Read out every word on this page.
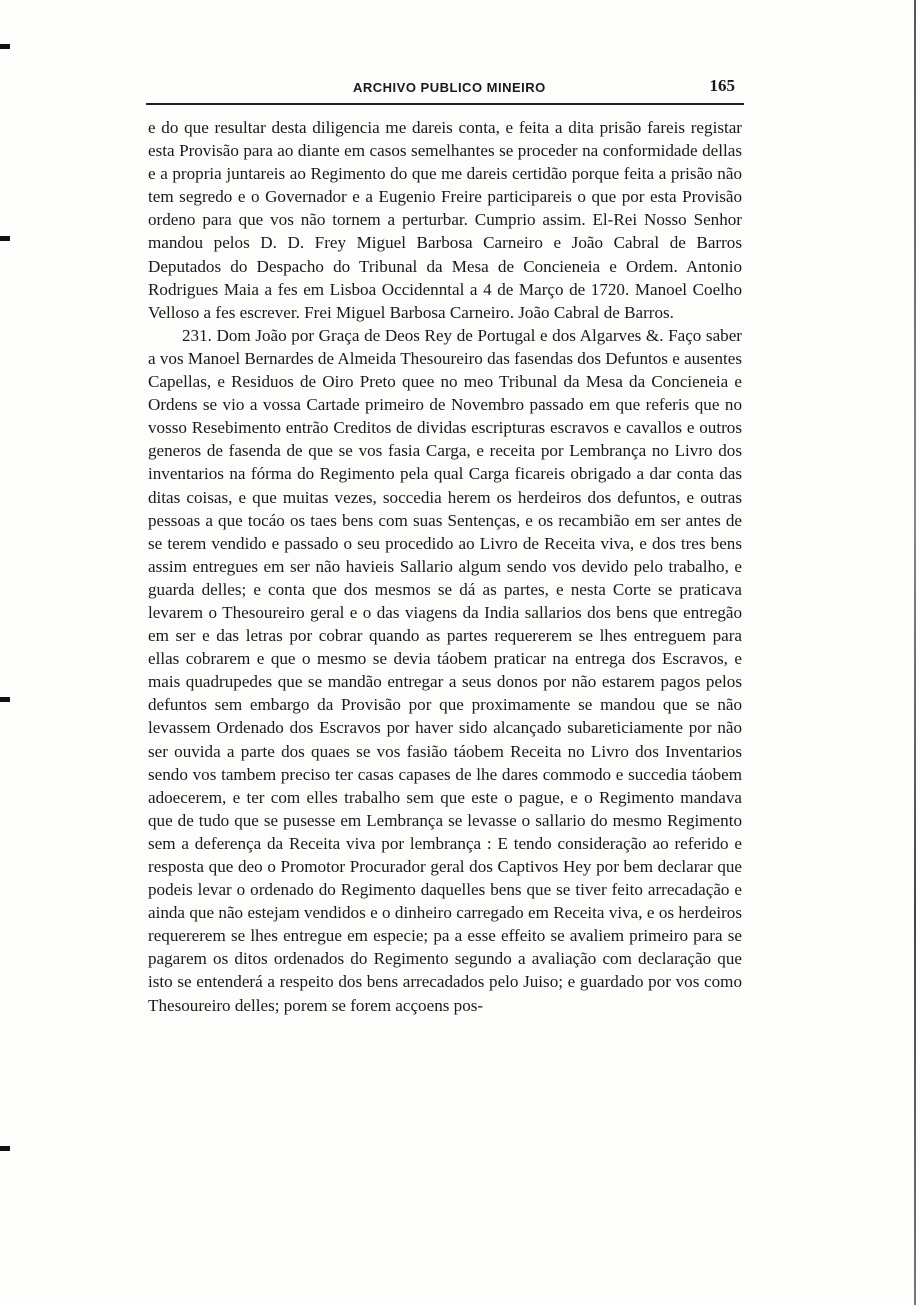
ARCHIVO PUBLICO MINEIRO	165

e do que resultar desta diligencia me dareis conta, e feita a dita prisão fareis registar esta Provisão para ao diante em casos semelhantes se proceder na conformidade dellas e a propria juntareis ao Regimento do que me dareis certidão porque feita a prisão não tem segredo e o Governador e a Eugenio Freire participareis o que por esta Provisão ordeno para que vos não tornem a perturbar. Cumprio assim. El-Rei Nosso Senhor mandou pelos D. D. Frey Miguel Barbosa Carneiro e João Cabral de Barros Deputados do Despacho do Tribunal da Mesa de Concieneia e Ordem. Antonio Rodrigues Maia a fes em Lisboa Occidenntal a 4 de Março de 1720. Manoel Coelho Velloso a fes escrever. Frei Miguel Barbosa Carneiro. João Cabral de Barros.

231. Dom João por Graça de Deos Rey de Portugal e dos Algarves &. Faço saber a vos Manoel Bernardes de Almeida Thesoureiro das fasendas dos Defuntos e ausentes Capellas, e Residuos de Oiro Preto quee no meo Tribunal da Mesa da Concieneia e Ordens se vio a vossa Cartade primeiro de Novembro passado em que referis que no vosso Resebimento entrão Creditos de dividas escripturas escravos e cavallos e outros generos de fasenda de que se vos fasia Carga, e receita por Lembrança no Livro dos inventarios na fórma do Regimento pela qual Carga ficareis obrigado a dar conta das ditas coisas, e que muitas vezes, soccedia herem os herdeiros dos defuntos, e outras pessoas a que tocáo os taes bens com suas Sentenças, e os recambião em ser antes de se terem vendido e passado o seu procedido ao Livro de Receita viva, e dos tres bens assim entregues em ser não havieis Sallario algum sendo vos devido pelo trabalho, e guarda delles; e conta que dos mesmos se dá as partes, e nesta Corte se praticava levarem o Thesoureiro geral e o das viagens da India sallarios dos bens que entregão em ser e das letras por cobrar quando as partes requererem se lhes entreguem para ellas cobrarem e que o mesmo se devia táobem praticar na entrega dos Escravos, e mais quadrupedes que se mandão entregar a seus donos por não estarem pagos pelos defuntos sem embargo da Provisão por que proximamente se mandou que se não levassem Ordenado dos Escravos por haver sido alcançado subareticiamente por não ser ouvida a parte dos quaes se vos fasião táobem Receita no Livro dos Inventarios sendo vos tambem preciso ter casas capases de lhe dares commodo e succedia táobem adoecerem, e ter com elles trabalho sem que este o pague, e o Regimento mandava que de tudo que se pusesse em Lembrança se levasse o sallario do mesmo Regimento sem a deferença da Receita viva por lembrança : E tendo consideração ao referido e resposta que deo o Promotor Procurador geral dos Captivos Hey por bem declarar que podeis levar o ordenado do Regimento daquelles bens que se tiver feito arrecadação e ainda que não estejam vendidos e o dinheiro carregado em Receita viva, e os herdeiros requererem se lhes entregue em especie; pa a esse effeito se avaliem primeiro para se pagarem os ditos ordenados do Regimento segundo a avaliação com declaração que isto se entenderá a respeito dos bens arrecadados pelo Juiso; e guardado por vos como Thesoureiro delles; porem se forem acçoens pos-
